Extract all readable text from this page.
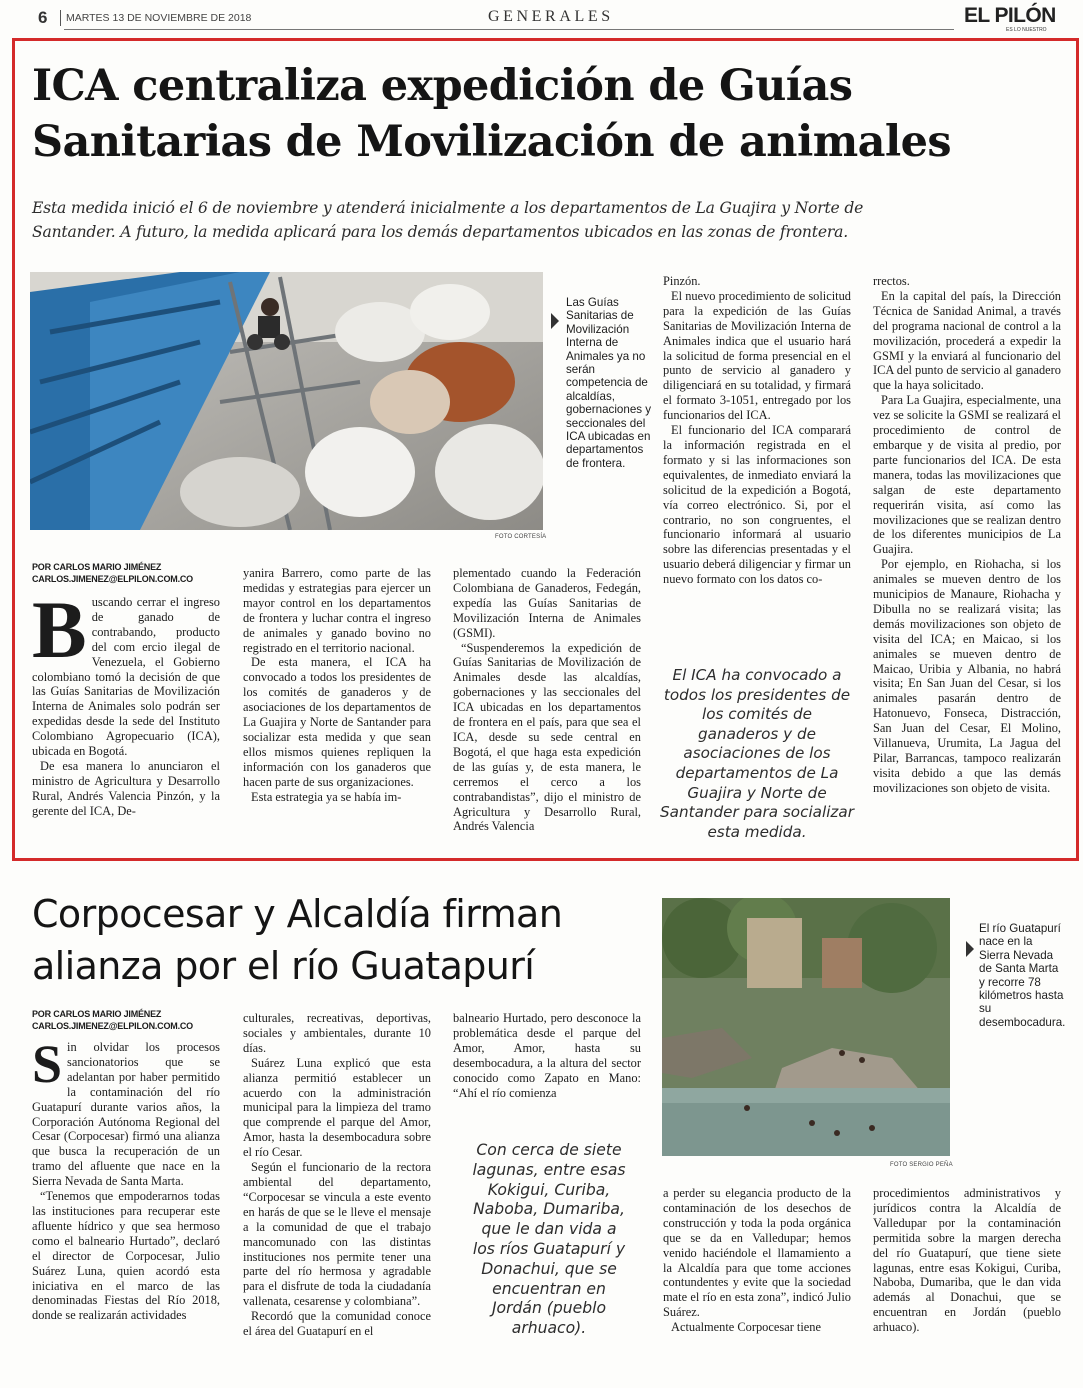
6 MARTES 13 DE NOVIEMBRE DE 2018	GENERALES	EL PILÓN
ES LO NUESTRO
ICA centraliza expedición de Guías
Sanitarias de Movilización de animales
Esta medida inició el 6 de noviembre y atenderá inicialmente a los departamentos de La Guajira y Norte de
Santander. A futuro, la medida aplicará para los demás departamentos ubicados en las zonas de frontera.
FOTO CORTESÍA
Las Guías Sanitarias de Movilización Interna de Animales ya no serán competencia de alcaldías, gobernaciones y seccionales del ICA ubicadas en departamentos de frontera.
POR CARLOS MARIO JIMÉNEZ
CARLOS.JIMENEZ@ELPILON.COM.CO
B uscando cerrar el ingreso de ganado de contrabando, producto del com ercio ilegal de Venezuela, el Gobierno colombiano tomó la decisión de que las Guías Sanitarias de Movilización Interna de Animales solo podrán ser expedidas desde la sede del Instituto Colombiano Agropecuario (ICA), ubicada en Bogotá.

De esa manera lo anunciaron el ministro de Agricultura y Desarrollo Rural, Andrés Valencia Pinzón, y la gerente del ICA, De-

yanira Barrero, como parte de las medidas y estrategias para ejercer un mayor control en los departamentos de frontera y luchar contra el ingreso de animales y ganado bovino no registrado en el territorio nacional.

De esta manera, el ICA ha convocado a todos los presidentes de los comités de ganaderos y de asociaciones de los departamentos de La Guajira y Norte de Santander para socializar esta medida y que sean ellos mismos quienes repliquen la información con los ganaderos que hacen parte de sus organizaciones.

Esta estrategia ya se había im-

plementado cuando la Federación Colombiana de Ganaderos, Fedegán, expedía las Guías Sanitarias de Movilización Interna de Animales (GSMI).

“Suspenderemos la expedición de Guías Sanitarias de Movilización de Animales desde las alcaldías, gobernaciones y las seccionales del ICA ubicadas en los departamentos de frontera en el país, para que sea el ICA, desde su sede central en Bogotá, el que haga esta expedición de las guías y, de esta manera, le cerremos el cerco a los contrabandistas”, dijo el ministro de Agricultura y Desarrollo Rural, Andrés Valencia

Pinzón.

El nuevo procedimiento de solicitud para la expedición de las Guías Sanitarias de Movilización Interna de Animales indica que el usuario hará la solicitud de forma presencial en el punto de servicio al ganadero y diligenciará en su totalidad, y firmará el formato 3-1051, entregado por los funcionarios del ICA.

El funcionario del ICA comparará la información registrada en el formato y si las informaciones son equivalentes, de inmediato enviará la solicitud de la expedición a Bogotá, vía correo electrónico. Si, por el contrario, no son congruentes, el funcionario informará al usuario sobre las diferencias presentadas y el usuario deberá diligenciar y firmar un nuevo formato con los datos co-

El ICA ha convocado a todos los presidentes de los comités de ganaderos y de asociaciones de los departamentos de La Guajira y Norte de Santander para socializar esta medida.

rrectos.

En la capital del país, la Dirección Técnica de Sanidad Animal, a través del programa nacional de control a la movilización, procederá a expedir la GSMI y la enviará al funcionario del ICA del punto de servicio al ganadero que la haya solicitado.

Para La Guajira, especialmente, una vez se solicite la GSMI se realizará el procedimiento de control de embarque y de visita al predio, por parte funcionarios del ICA. De esta manera, todas las movilizaciones que salgan de este departamento requerirán visita, así como las movilizaciones que se realizan dentro de los diferentes municipios de La Guajira.

Por ejemplo, en Riohacha, si los animales se mueven dentro de los municipios de Manaure, Riohacha y Dibulla no se realizará visita; las demás movilizaciones son objeto de visita del ICA; en Maicao, si los animales se mueven dentro de Maicao, Uribia y Albania, no habrá visita; En San Juan del Cesar, si los animales pasarán dentro de Hatonuevo, Fonseca, Distracción, San Juan del Cesar, El Molino, Villanueva, Urumita, La Jagua del Pilar, Barrancas, tampoco realizarán visita debido a que las demás movilizaciones son objeto de visita.

Corpocesar y Alcaldía firman
alianza por el río Guatapurí
POR CARLOS MARIO JIMÉNEZ
CARLOS.JIMENEZ@ELPILON.COM.CO
S in olvidar los procesos sancionatorios que se adelantan por haber permitido la contaminación del río Guatapurí durante varios años, la Corporación Autónoma Regional del Cesar (Corpocesar) firmó una alianza que busca la recuperación de un tramo del afluente que nace en la Sierra Nevada de Santa Marta.

“Tenemos que empoderarnos todas las instituciones para recuperar este afluente hídrico y que sea hermoso como el balneario Hurtado”, declaró el director de Corpocesar, Julio Suárez Luna, quien acordó esta iniciativa en el marco de las denominadas Fiestas del Río 2018, donde se realizarán actividades

culturales, recreativas, deportivas, sociales y ambientales, durante 10 días.

Suárez Luna explicó que esta alianza permitió establecer un acuerdo con la administración municipal para la limpieza del tramo que comprende el parque del Amor, Amor, hasta la desembocadura sobre el río Cesar.

Según el funcionario de la rectora ambiental del departamento, “Corpocesar se vincula a este evento en harás de que se le lleve el mensaje a la comunidad de que el trabajo mancomunado con las distintas instituciones nos permite tener una parte del río hermosa y agradable para el disfrute de toda la ciudadanía vallenata, cesarense y colombiana”.

Recordó que la comunidad conoce el área del Guatapurí en el

balneario Hurtado, pero desconoce la problemática desde el parque del Amor, Amor, hasta su desembocadura, a la altura del sector conocido como Zapato en Mano: “Ahí el río comienza

Con cerca de siete lagunas, entre esas Kokigui, Curiba, Naboba, Dumariba, que le dan vida a los ríos Guatapurí y Donachui, que se encuentran en Jordán (pueblo arhuaco).
FOTO SERGIO PEÑA
El río Guatapurí nace en la Sierra Nevada de Santa Marta y recorre 78 kilómetros hasta su desembocadura.

a perder su elegancia producto de la contaminación de los desechos de construcción y toda la poda orgánica que se da en Valledupar; hemos venido haciéndole el llamamiento a la Alcaldía para que tome acciones contundentes y evite que la sociedad mate el río en esta zona”, indicó Julio Suárez.

Actualmente Corpocesar tiene

procedimientos administrativos y jurídicos contra la Alcaldía de Valledupar por la contaminación permitida sobre la margen derecha del río Guatapurí, que tiene siete lagunas, entre esas Kokigui, Curiba, Naboba, Dumariba, que le dan vida además al Donachui, que se encuentran en Jordán (pueblo arhuaco).
